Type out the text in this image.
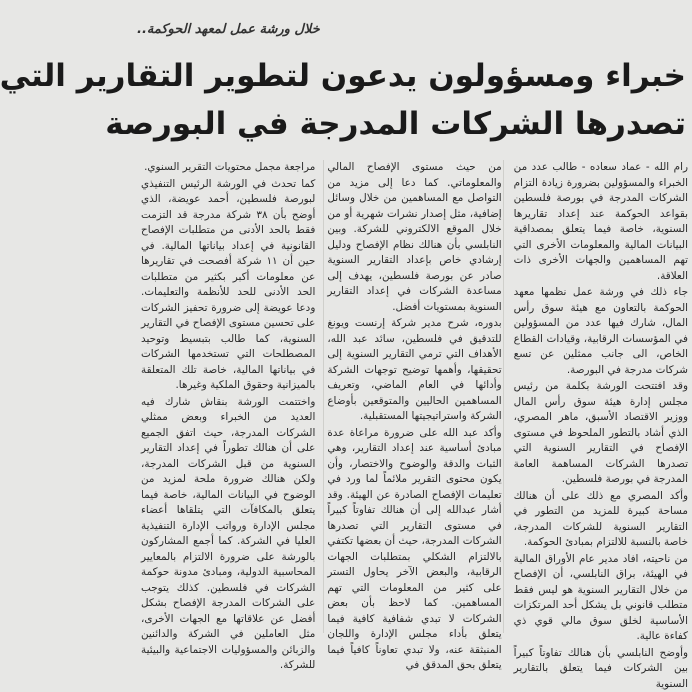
خلال ورشة عمل لمعهد الحوكمة..
خبراء ومسؤولون يدعون لتطوير التقارير التي
تصدرها الشركات المدرجة في البورصة

رام الله - عماد سعاده - طالب عدد من الخبراء والمسؤولين بضرورة زيادة التزام الشركات المدرجة في بورصة فلسطين بقواعد الحوكمة عند إعداد تقاريرها السنوية، خاصة فيما يتعلق بمصداقية البيانات المالية والمعلومات الأخرى التي تهم المساهمين والجهات الأخرى ذات العلاقة.

جاء ذلك في ورشة عمل نظمها معهد الحوكمة بالتعاون مع هيئة سوق رأس المال، شارك فيها عدد من المسؤولين في المؤسسات الرقابية، وقيادات القطاع الخاص، الى جانب ممثلين عن تسع شركات مدرجة في البورصة.

وقد افتتحت الورشة بكلمة من رئيس مجلس إدارة هيئة سوق رأس المال ووزير الاقتصاد الأسبق، ماهر المصري، الذي أشاد بالتطور الملحوظ في مستوى الإفصاح في التقارير السنوية التي تصدرها الشركات المساهمة العامة المدرجة في بورصة فلسطين.

وأكد المصري مع ذلك على أن هنالك مساحة كبيرة للمزيد من التطور في التقارير السنوية للشركات المدرجة، خاصة بالنسبة للالتزام بمبادئ الحوكمة.

من ناحيته، افاد مدير عام الأوراق المالية في الهيئة، براق النابلسي، أن الإفصاح من خلال التقارير السنوية هو ليس فقط متطلب قانوني بل يشكل أحد المرتكزات الأساسية لخلق سوق مالي قوي ذي كفاءة عالية.

وأوضح النابلسي بأن هنالك تفاوتاً كبيراً بين الشركات فيما يتعلق بالتقارير السنوية

من حيث مستوى الإفصاح المالي والمعلوماتي. كما دعا إلى مزيد من التواصل مع المساهمين من خلال وسائل إضافية، مثل إصدار نشرات شهرية أو من خلال الموقع الالكتروني للشركة. وبين النابلسي بأن هنالك نظام الإفصاح ودليل إرشادي خاص بإعداد التقارير السنوية صادر عن بورصة فلسطين، يهدف إلى مساعدة الشركات في إعداد التقارير السنوية بمستويات أفضل.

بدوره، شرح مدير شركة إرنست ويونغ للتدقيق في فلسطين، سائد عبد الله، الأهداف التي ترمي التقارير السنوية إلى تحقيقها، وأهمها توضيح توجهات الشركة وأدائها في العام الماضي، وتعريف المساهمين الحاليين والمتوقعين بأوضاع الشركة واستراتيجيتها المستقبلية.

وأكد عبد الله على ضرورة مراعاة عدة مبادئ أساسية عند إعداد التقارير، وهي الثبات والدقة والوضوح والاختصار، وأن يكون محتوى التقرير ملائماً لما ورد في تعليمات الإفصاح الصادرة عن الهيئة. وقد أشار عبدالله إلى أن هنالك تفاوتاً كبيراً في مستوى التقارير التي تصدرها الشركات المدرجة، حيث أن بعضها تكتفي بالالتزام الشكلي بمتطلبات الجهات الرقابية، والبعض الآخر يحاول التستر على كثير من المعلومات التي تهم المساهمين. كما لاحظ بأن بعض الشركات لا تبدي شفافية كافية فيما يتعلق بأداء مجلس الإدارة واللجان المنبثقة عنه، ولا تبدي تعاوناً كافياً فيما يتعلق بحق المدقق في

مراجعة مجمل محتويات التقرير السنوي.

كما تحدث في الورشة الرئيس التنفيذي لبورصة فلسطين، أحمد عويضة، الذي أوضح بأن ٣٨ شركة مدرجة قد التزمت فقط بالحد الأدنى من متطلبات الإفصاح القانونية في إعداد بياناتها المالية. في حين أن ١١ شركة أفصحت في تقاريرها عن معلومات أكبر بكثير من متطلبات الحد الأدنى للحد للأنظمة والتعليمات. ودعا عويضة إلى ضرورة تحفيز الشركات على تحسين مستوى الإفصاح في التقارير السنوية، كما طالب بتبسيط وتوحيد المصطلحات التي تستخدمها الشركات في بياناتها المالية، خاصة تلك المتعلقة بالميزانية وحقوق الملكية وغيرها.

واختتمت الورشة بنقاش شارك فيه العديد من الخبراء وبعض ممثلي الشركات المدرجة، حيث اتفق الجميع على أن هنالك تطوراً في إعداد التقارير السنوية من قبل الشركات المدرجة، ولكن هنالك ضرورة ملحة لمزيد من الوضوح في البيانات المالية، خاصة فيما يتعلق بالمكافآت التي يتلقاها أعضاء مجلس الإدارة ورواتب الإدارة التنفيذية العليا في الشركة. كما أجمع المشاركون بالورشة على ضرورة الالتزام بالمعايير المحاسبية الدولية، ومبادئ مدونة حوكمة الشركات في فلسطين. كذلك يتوجب على الشركات المدرجة الإفصاح بشكل أفضل عن علاقاتها مع الجهات الأخرى، مثل العاملين في الشركة والدائنين والزبائن والمسؤوليات الاجتماعية والبيئية للشركة.
